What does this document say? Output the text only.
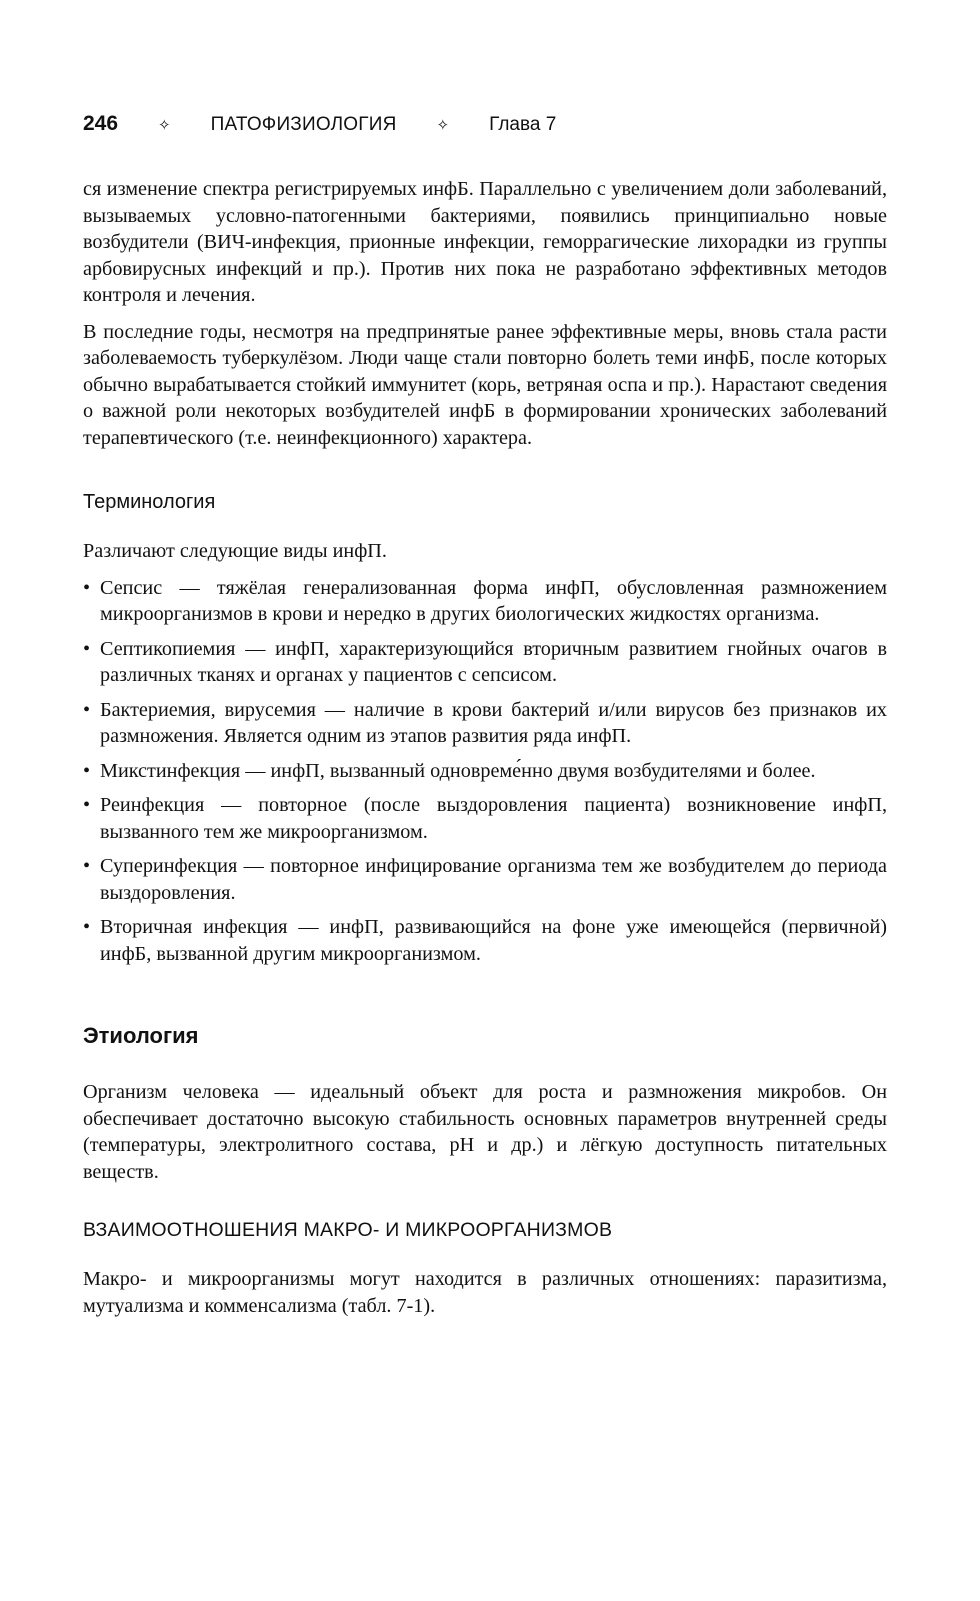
246	✧ ПАТОФИЗИОЛОГИЯ	✧ Глава 7

ся изменение спектра регистрируемых инфБ. Параллельно с увеличением доли заболеваний, вызываемых условно-патогенными бактериями, появились принципиально новые возбудители (ВИЧ-инфекция, прионные инфекции, геморрагические лихорадки из группы арбовирусных инфекций и пр.). Против них пока не разработано эффективных методов контроля и лечения.

В последние годы, несмотря на предпринятые ранее эффективные меры, вновь стала расти заболеваемость туберкулёзом. Люди чаще стали повторно болеть теми инфБ, после которых обычно вырабатывается стойкий иммунитет (корь, ветряная оспа и пр.). Нарастают сведения о важной роли некоторых возбудителей инфБ в формировании хронических заболеваний терапевтического (т.е. неинфекционного) характера.

Терминология

Различают следующие виды инфП.

• Сепсис — тяжёлая генерализованная форма инфП, обусловленная размножением микроорганизмов в крови и нередко в других биологических жидкостях организма.
• Септикопиемия — инфП, характеризующийся вторичным развитием гнойных очагов в различных тканях и органах у пациентов с сепсисом.
• Бактериемия, вирусемия — наличие в крови бактерий и/или вирусов без признаков их размножения. Является одним из этапов развития ряда инфП.
• Микстинфекция — инфП, вызванный одновреме́нно двумя возбудителями и более.
• Реинфекция — повторное (после выздоровления пациента) возникновение инфП, вызванного тем же микроорганизмом.
• Суперинфекция — повторное инфицирование организма тем же возбудителем до периода выздоровления.
• Вторичная инфекция — инфП, развивающийся на фоне уже имеющейся (первичной) инфБ, вызванной другим микроорганизмом.
Этиология

Организм человека — идеальный объект для роста и размножения микробов. Он обеспечивает достаточно высокую стабильность основных параметров внутренней среды (температуры, электролитного состава, pH и др.) и лёгкую доступность питательных веществ.

ВЗАИМООТНОШЕНИЯ МАКРО- И МИКРООРГАНИЗМОВ

Макро- и микроорганизмы могут находится в различных отношениях: паразитизма, мутуализма и комменсализма (табл. 7-1).
